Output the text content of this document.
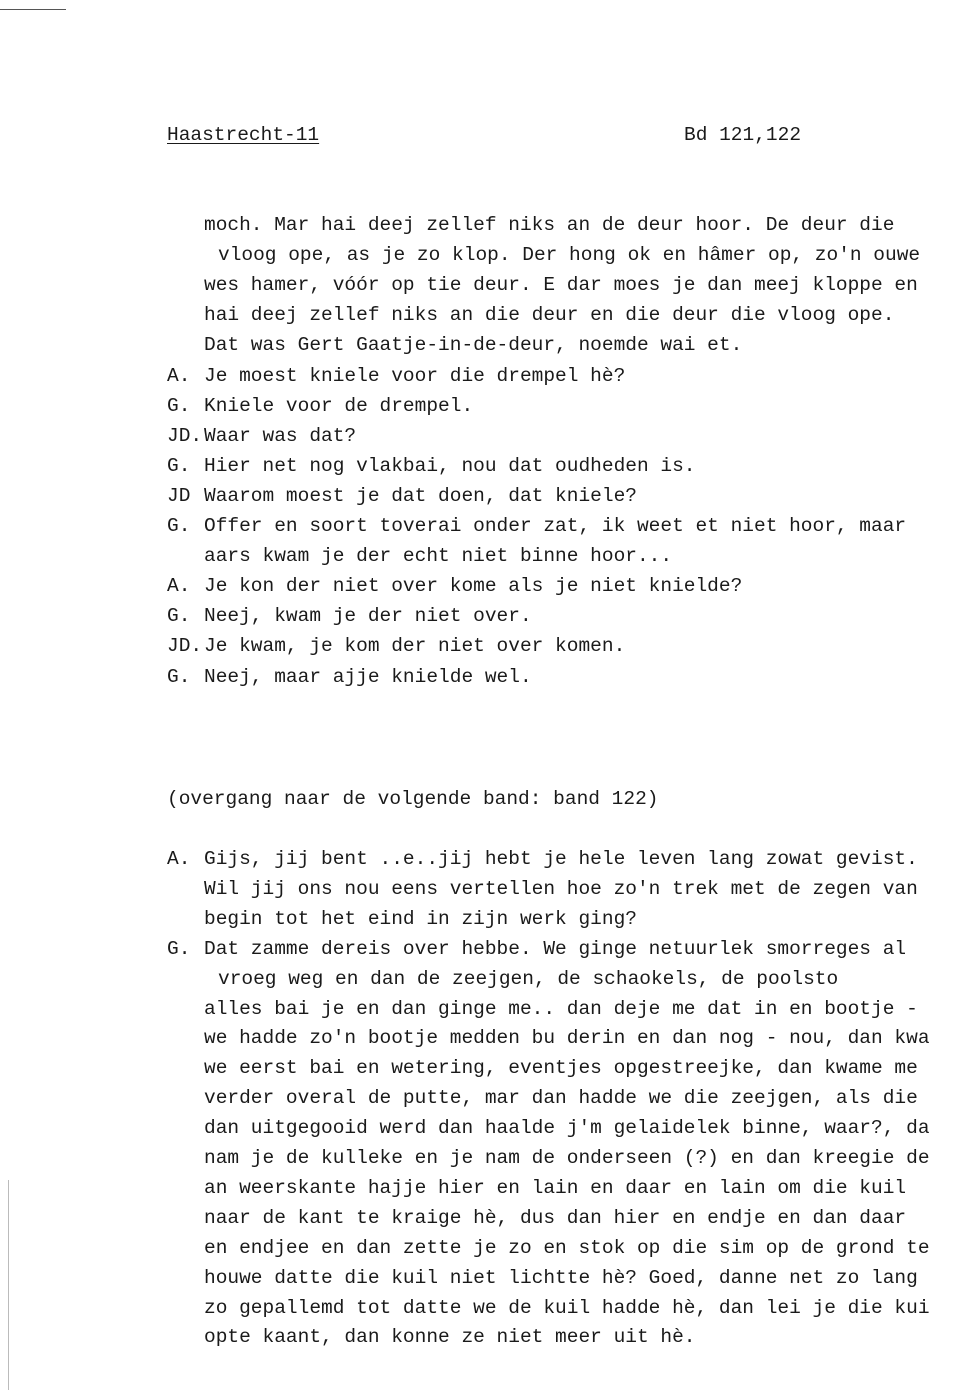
Haastrecht-11	Bd 121,122
moch. Mar hai deej zellef niks an de deur hoor. De deur die
vloog ope, as je zo klop. Der hong ok en hâmer op, zo'n ouwe
wes hamer, vóór op tie deur. E dar moes je dan meej kloppe en
hai deej zellef niks an die deur en die deur die vloog ope.
Dat was Gert Gaatje-in-de-deur, noemde wai et.
A. Je moest kniele voor die drempel hè?
G. Kniele voor de drempel.
JD. Waar was dat?
G. Hier net nog vlakbai, nou dat oudheden is.
JD Waarom moest je dat doen, dat kniele?
G. Offer en soort toverai onder zat, ik weet et niet hoor, maar
aars kwam je der echt niet binne hoor...
A. Je kon der niet over kome als je niet knielde?
G. Neej, kwam je der niet over.
JD. Je kwam, je kom der niet over komen.
G. Neej, maar ajje knielde wel.
(overgang naar de volgende band: band 122)
A. Gijs, jij bent ..e..jij hebt je hele leven lang zowat gevist.
Wil jij ons nou eens vertellen hoe zo'n trek met de zegen van
begin tot het eind in zijn werk ging?
G. Dat zamme dereis over hebbe. We ginge netuurlek smorreges al
vroeg weg en dan de zeejgen, de schaokels, de poolsto
alles bai je en dan ginge me.. dan deje me dat in en bootje -
we hadde zo'n bootje medden bu derin en dan nog - nou, dan kwa
we eerst bai en wetering, eventjes opgestreejke, dan kwame me
verder overal de putte, mar dan hadde we die zeejgen, als die
dan uitgegooid werd dan haalde j'm gelaidelek binne, waar?, da
nam je de kulleke en je nam de onderseen (?) en dan kreegie de
an weerskante hajje hier en lain en daar en lain om die kuil
naar de kant te kraige hè, dus dan hier en endje en dan daar
en endjee en dan zette je zo en stok op die sim op de grond te
houwe datte die kuil niet lichtte hè? Goed, danne net zo lang
zo gepallemd tot datte we de kuil hadde hè, dan lei je die kui
opte kaant, dan konne ze niet meer uit hè.
